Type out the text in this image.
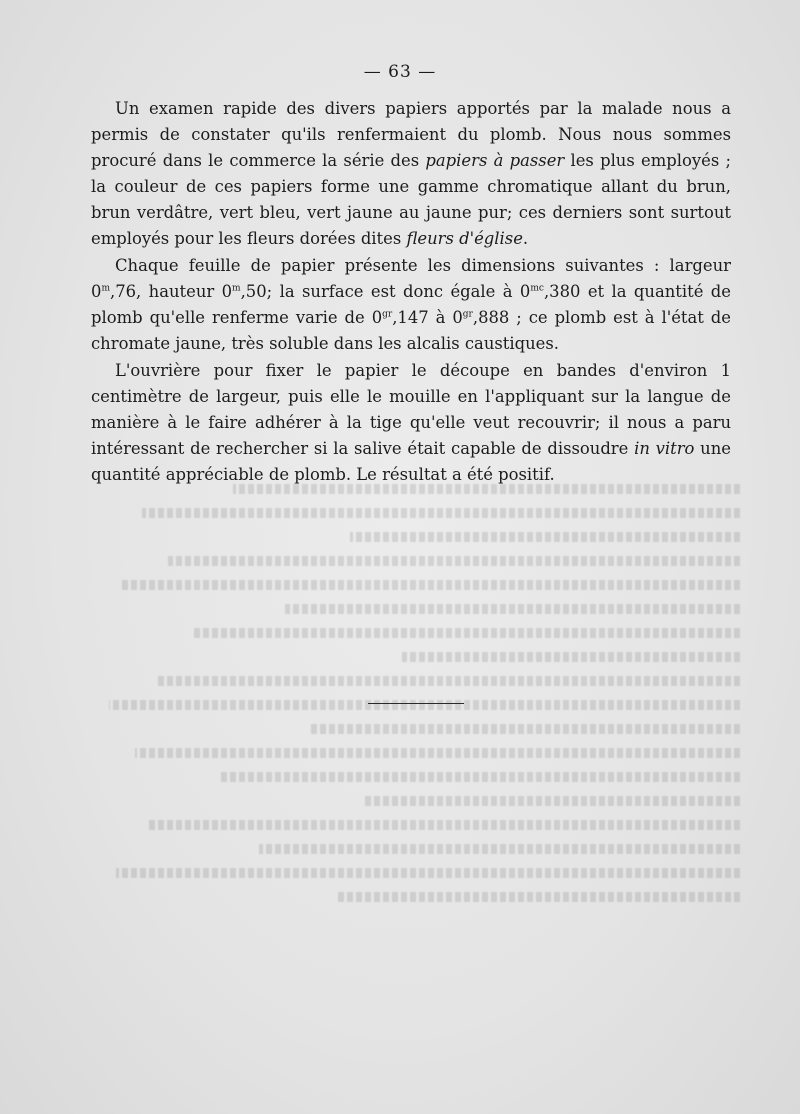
— 63 —

Un examen rapide des divers papiers apportés par la malade nous a permis de constater qu'ils renfermaient du plomb. Nous nous sommes procuré dans le commerce la série des papiers à passer les plus employés ; la couleur de ces papiers forme une gamme chromatique allant du brun, brun verdâtre, vert bleu, vert jaune au jaune pur; ces derniers sont surtout employés pour les fleurs dorées dites fleurs d'église.

Chaque feuille de papier présente les dimensions suivantes : largeur 0$^m$,76, hauteur 0$^m$,50; la surface est donc égale à $0^{mc},380$ et la quantité de plomb qu'elle renferme varie de $0^{gr},147$ à $0^{gr},888$ ; ce plomb est à l'état de chromate jaune, très soluble dans les alcalis caustiques.

L'ouvrière pour fixer le papier le découpe en bandes d'environ 1 centimètre de largeur, puis elle le mouille en l'appliquant sur la langue de manière à le faire adhérer à la tige qu'elle veut recouvrir; il nous a paru intéressant de rechercher si la salive était capable de dissoudre in vitro une quantité appréciable de plomb. Le résultat a été positif.
